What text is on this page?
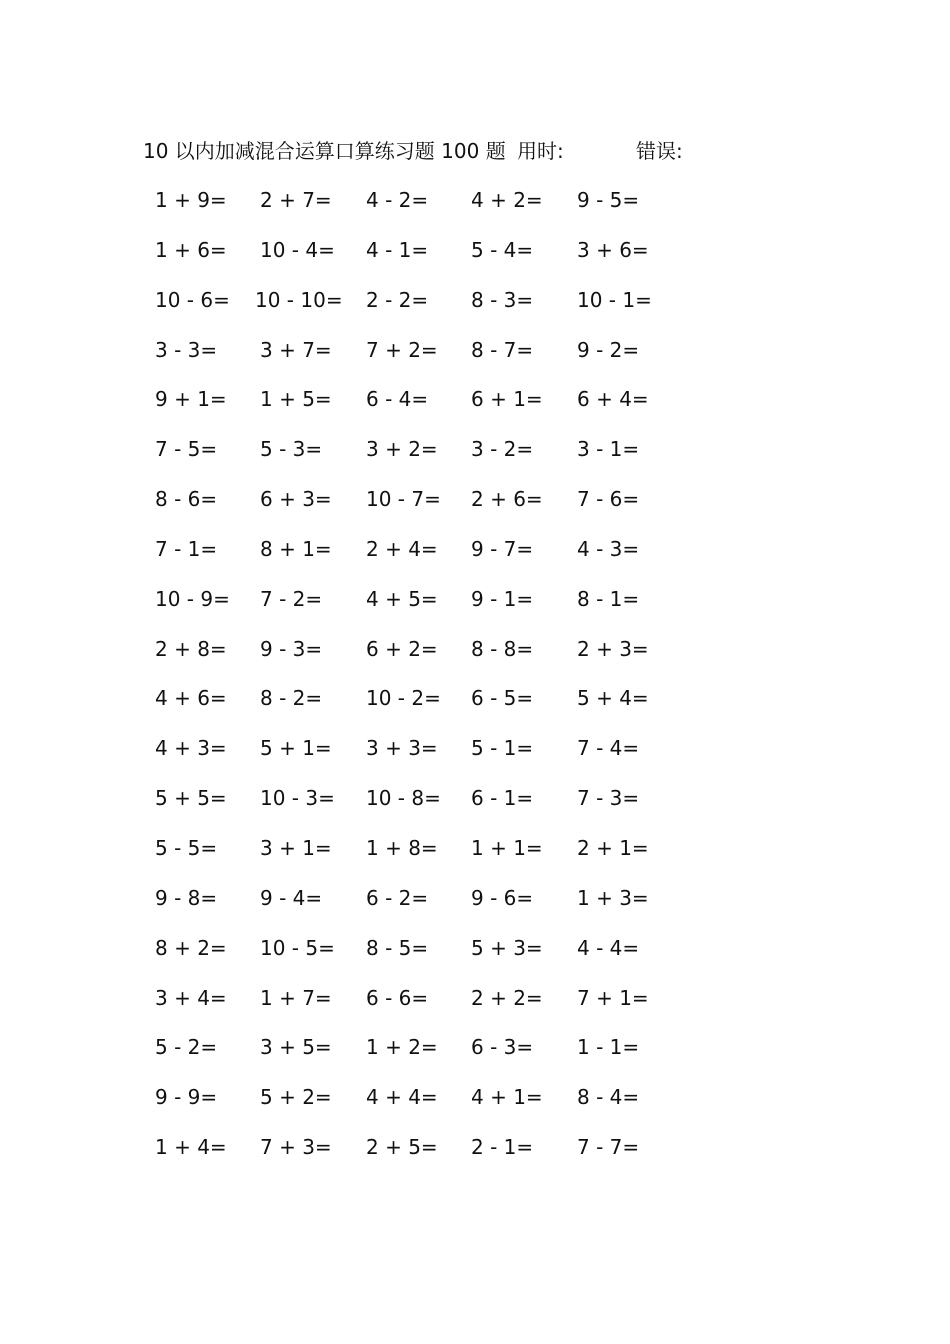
10 以内加减混合运算口算练习题 100 题 用时:	错误:
1 + 9=	2 + 7=	4 - 2=	4 + 2=	9 - 5=
1 + 6=	10 - 4=	4 - 1=	5 - 4=	3 + 6=
10 - 6=	10 - 10=	2 - 2=	8 - 3=	10 - 1=
3 - 3=	3 + 7=	7 + 2=	8 - 7=	9 - 2=
9 + 1=	1 + 5=	6 - 4=	6 + 1=	6 + 4=
7 - 5=	5 - 3=	3 + 2=	3 - 2=	3 - 1=
8 - 6=	6 + 3=	10 - 7=	2 + 6=	7 - 6=
7 - 1=	8 + 1=	2 + 4=	9 - 7=	4 - 3=
10 - 9=	7 - 2=	4 + 5=	9 - 1=	8 - 1=
2 + 8=	9 - 3=	6 + 2=	8 - 8=	2 + 3=
4 + 6=	8 - 2=	10 - 2=	6 - 5=	5 + 4=
4 + 3=	5 + 1=	3 + 3=	5 - 1=	7 - 4=
5 + 5=	10 - 3=	10 - 8=	6 - 1=	7 - 3=
5 - 5=	3 + 1=	1 + 8=	1 + 1=	2 + 1=
9 - 8=	9 - 4=	6 - 2=	9 - 6=	1 + 3=
8 + 2=	10 - 5=	8 - 5=	5 + 3=	4 - 4=
3 + 4=	1 + 7=	6 - 6=	2 + 2=	7 + 1=
5 - 2=	3 + 5=	1 + 2=	6 - 3=	1 - 1=
9 - 9=	5 + 2=	4 + 4=	4 + 1=	8 - 4=
1 + 4=	7 + 3=	2 + 5=	2 - 1=	7 - 7=
